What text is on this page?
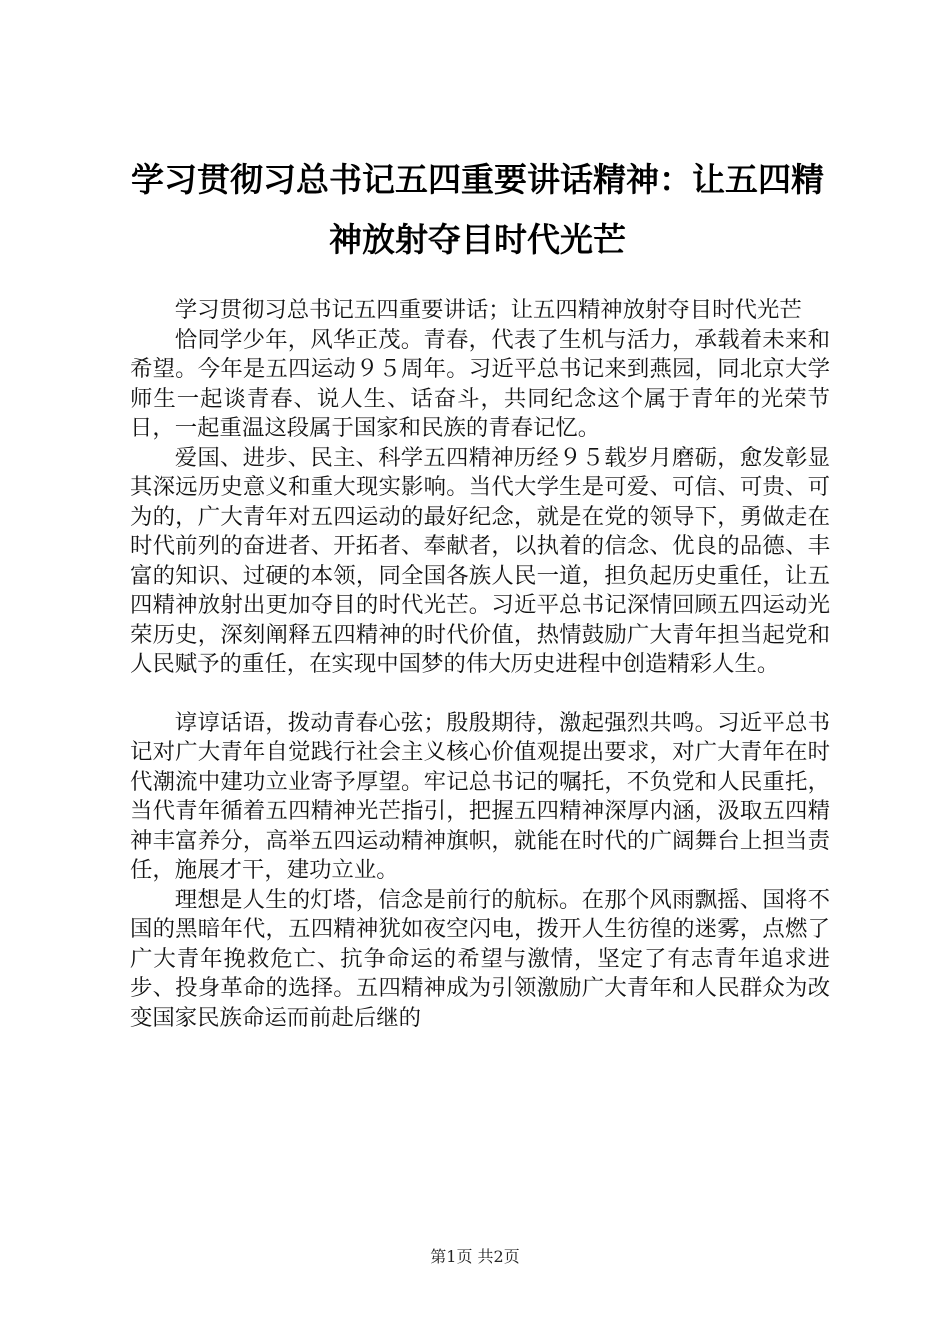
学习贯彻习总书记五四重要讲话精神：让五四精神放射夺目时代光芒

学习贯彻习总书记五四重要讲话；让五四精神放射夺目时代光芒

恰同学少年，风华正茂。青春，代表了生机与活力，承载着未来和希望。今年是五四运动９５周年。习近平总书记来到燕园，同北京大学师生一起谈青春、说人生、话奋斗，共同纪念这个属于青年的光荣节日，一起重温这段属于国家和民族的青春记忆。

爱国、进步、民主、科学五四精神历经９５载岁月磨砺，愈发彰显其深远历史意义和重大现实影响。当代大学生是可爱、可信、可贵、可为的，广大青年对五四运动的最好纪念，就是在党的领导下，勇做走在时代前列的奋进者、开拓者、奉献者，以执着的信念、优良的品德、丰富的知识、过硬的本领，同全国各族人民一道，担负起历史重任，让五四精神放射出更加夺目的时代光芒。习近平总书记深情回顾五四运动光荣历史，深刻阐释五四精神的时代价值，热情鼓励广大青年担当起党和人民赋予的重任，在实现中国梦的伟大历史进程中创造精彩人生。

谆谆话语，拨动青春心弦；殷殷期待，激起强烈共鸣。习近平总书记对广大青年自觉践行社会主义核心价值观提出要求，对广大青年在时代潮流中建功立业寄予厚望。牢记总书记的嘱托，不负党和人民重托，当代青年循着五四精神光芒指引，把握五四精神深厚内涵，汲取五四精神丰富养分，高举五四运动精神旗帜，就能在时代的广阔舞台上担当责任，施展才干，建功立业。

理想是人生的灯塔，信念是前行的航标。在那个风雨飘摇、国将不国的黑暗年代，五四精神犹如夜空闪电，拨开人生彷徨的迷雾，点燃了广大青年挽救危亡、抗争命运的希望与激情，坚定了有志青年追求进步、投身革命的选择。五四精神成为引领激励广大青年和人民群众为改变国家民族命运而前赴后继的

第1页 共2页
